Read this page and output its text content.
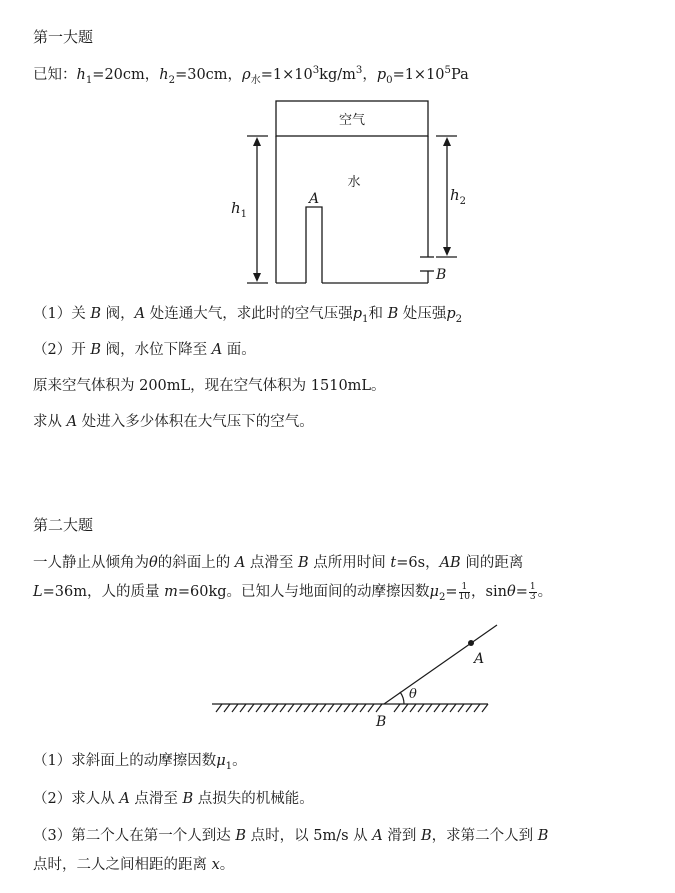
第一大题
已知：$h_1=20cm$，$h_2=30cm$，$\rho_水=1\times 10^3kg/m^3$，$p_0=1\times 10^5Pa$
空气
水
A
B
$h_1$
$h_2$
（1）关 B 阀，A 处连通大气，求此时的空气压强$p_1$和 B 处压强$p_2$
（2）开 B 阀，水位下降至 A 面。
原来空气体积为 200mL，现在空气体积为 1510mL。
求从 A 处进入多少体积在大气压下的空气。
第二大题
一人静止从倾角为θ的斜面上的 A 点滑至 B 点所用时间 t=6s，AB 间的距离
L=36m，人的质量 m=60kg。已知人与地面间的动摩擦因数$\mu_2= \frac{1}{10}$ ，$\sin\theta= \frac{1}{3}$ 。
A
B
θ
（1）求斜面上的动摩擦因数$\mu_1$。
（2）求人从 A 点滑至 B 点损失的机械能。
（3）第二个人在第一个人到达 B 点时，以 5m/s 从 A 滑到 B，求第二个人到 B
点时，二人之间相距的距离 x。
